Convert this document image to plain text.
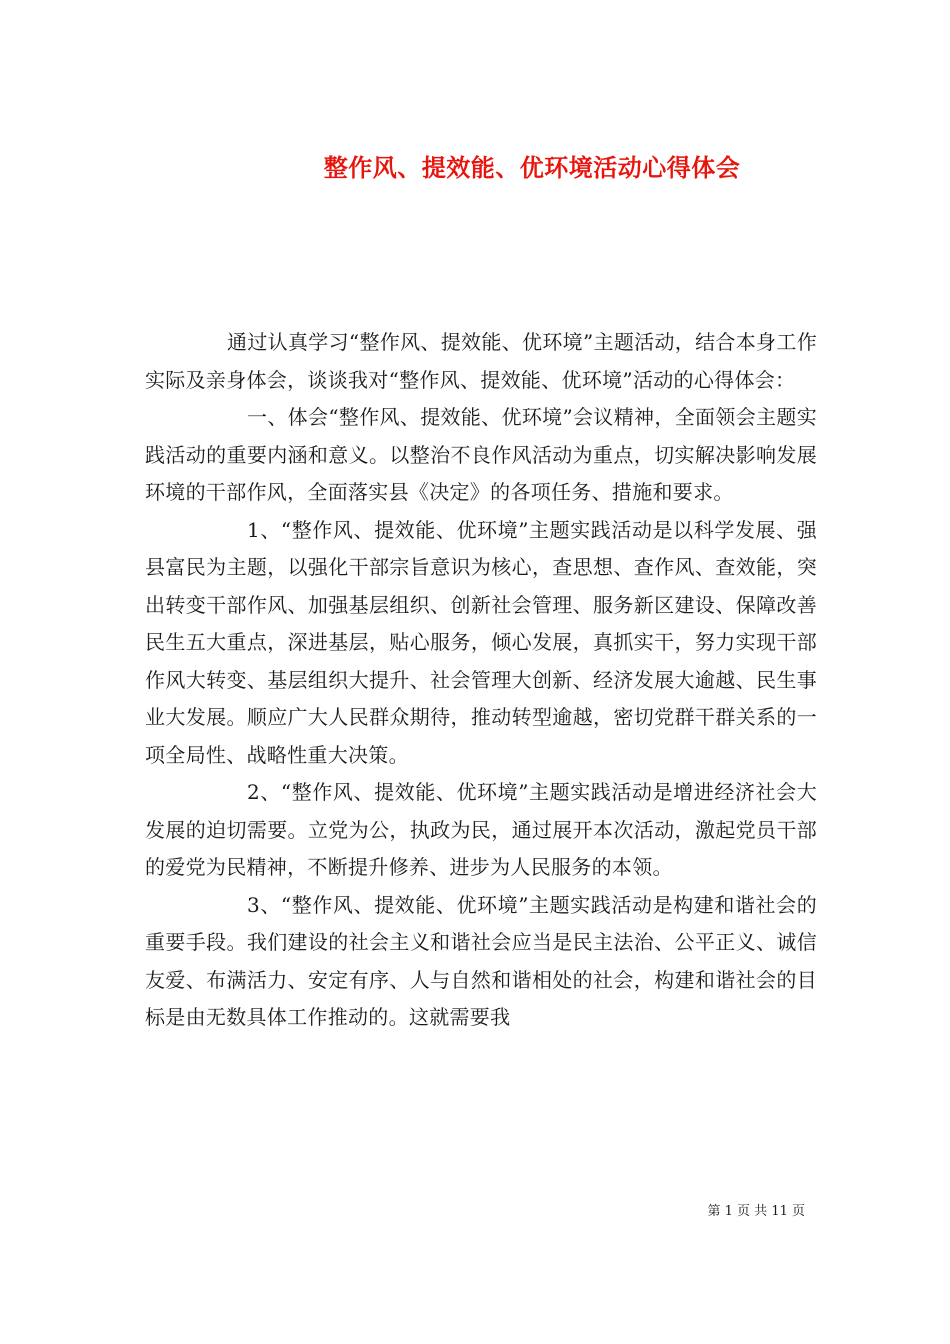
整作风、提效能、优环境活动心得体会

通过认真学习“整作风、提效能、优环境”主题活动，结合本身工作实际及亲身体会，谈谈我对“整作风、提效能、优环境”活动的心得体会：

一、体会“整作风、提效能、优环境”会议精神，全面领会主题实践活动的重要内涵和意义。以整治不良作风活动为重点，切实解决影响发展环境的干部作风，全面落实县《决定》的各项任务、措施和要求。

1、“整作风、提效能、优环境”主题实践活动是以科学发展、强县富民为主题，以强化干部宗旨意识为核心，查思想、查作风、查效能，突出转变干部作风、加强基层组织、创新社会管理、服务新区建设、保障改善民生五大重点，深进基层，贴心服务，倾心发展，真抓实干，努力实现干部作风大转变、基层组织大提升、社会管理大创新、经济发展大逾越、民生事业大发展。顺应广大人民群众期待，推动转型逾越，密切党群干群关系的一项全局性、战略性重大决策。

2、“整作风、提效能、优环境”主题实践活动是增进经济社会大发展的迫切需要。立党为公，执政为民，通过展开本次活动，激起党员干部的爱党为民精神，不断提升修养、进步为人民服务的本领。

3、“整作风、提效能、优环境”主题实践活动是构建和谐社会的重要手段。我们建设的社会主义和谐社会应当是民主法治、公平正义、诚信友爱、布满活力、安定有序、人与自然和谐相处的社会，构建和谐社会的目标是由无数具体工作推动的。这就需要我

第 1 页 共 11 页
